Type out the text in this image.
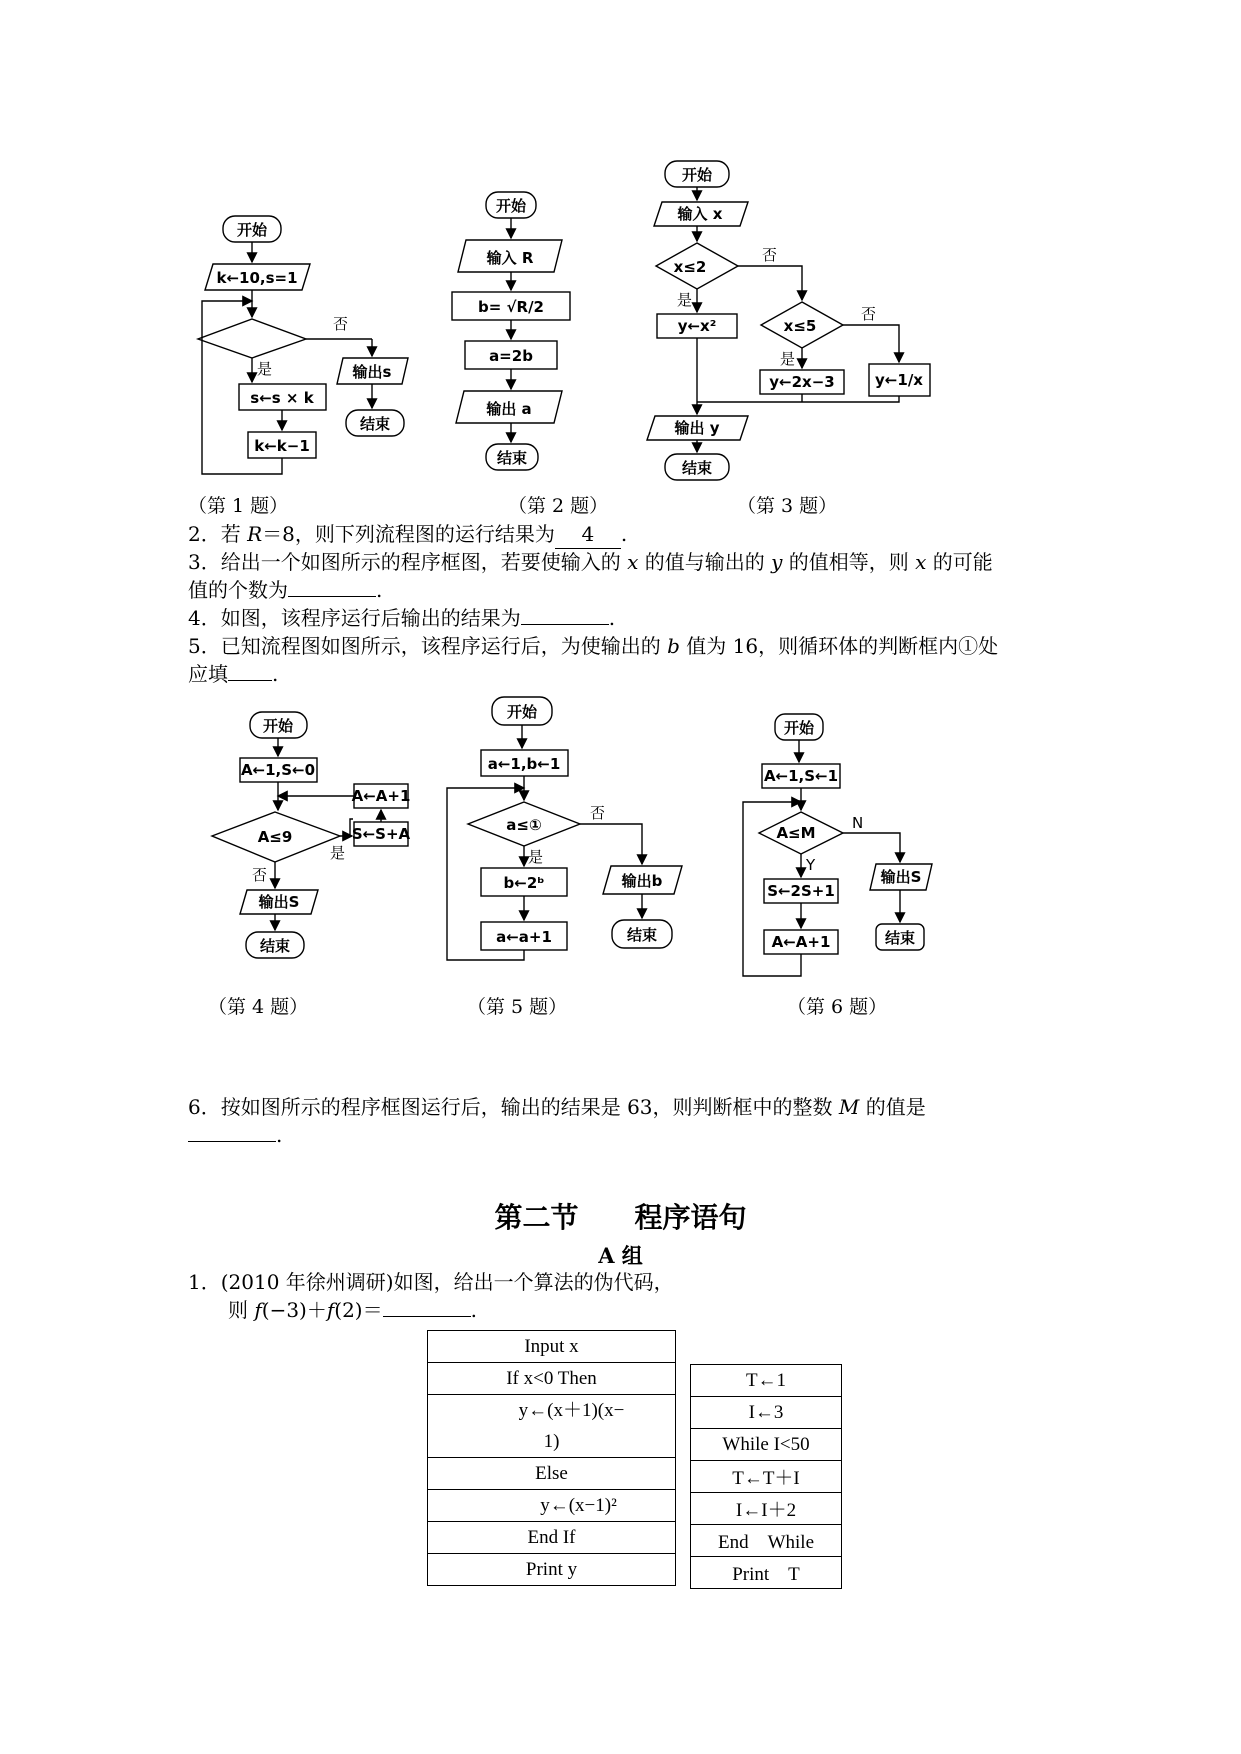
开始
k←10,s=1
否
输出s
结束
是
s←s × k
k←k−1
开始
输入 R
b= √R/2
a=2b
输出 a
结束
开始
输入 x
x≤2
否
是
y←x²	x≤5
否
是
y←2x−3	y←1/x
输出 y
结束
开始
A←1,S←0
A≤9
是
S←S+A
A←A+1
否
输出S
结束
开始
a←1,b←1
a≤①
否
是
b←2ᵇ
a←a+1
输出b
结束
开始
A←1,S←1
A≤M
N
Y
S←2S+1
A←A+1
输出S
结束
（第 1 题）	（第 2 题）	（第 3 题）
2．若 R＝8，则下列流程图的运行结果为 4 .
3．给出一个如图所示的程序框图，若要使输入的 x 的值与输出的 y 的值相等，则 x 的可能
值的个数为	.
4．如图，该程序运行后输出的结果为	.
5．已知流程图如图所示，该程序运行后，为使输出的 b 值为 16，则循环体的判断框内①处
应填 .
（第 4 题）	（第 5 题）	（第 6 题）
6．按如图所示的程序框图运行后，输出的结果是 63，则判断框中的整数 M 的值是
.
第二节　　程序语句
A 组
1．(2010 年徐州调研)如图，给出一个算法的伪代码，
则 f(−3)＋f(2)＝	.
Input x
If x<0 Then
y←(x＋1)(x−
1)
Else
y←(x−1)²
End If
Print y
T←1
I←3
While I<50
T←T＋I
I←I＋2
End　While
Print　T
